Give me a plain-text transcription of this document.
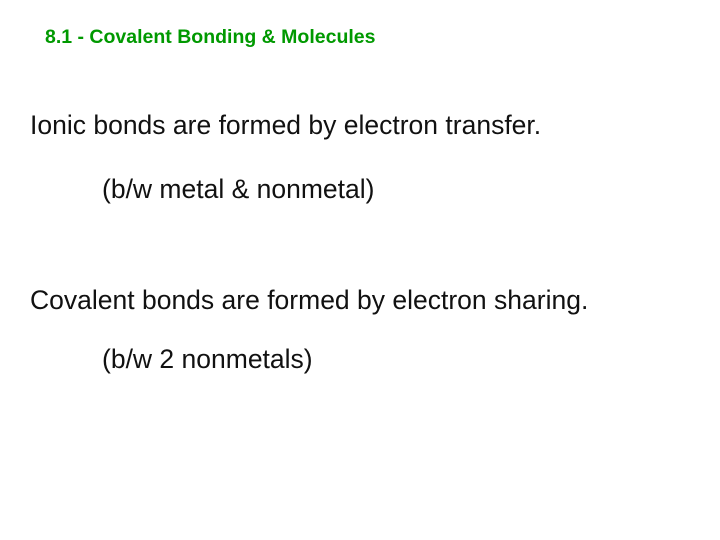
8.1 - Covalent Bonding & Molecules
Ionic bonds are formed by electron transfer.
(b/w metal & nonmetal)
Covalent bonds are formed by electron sharing.
(b/w 2 nonmetals)
